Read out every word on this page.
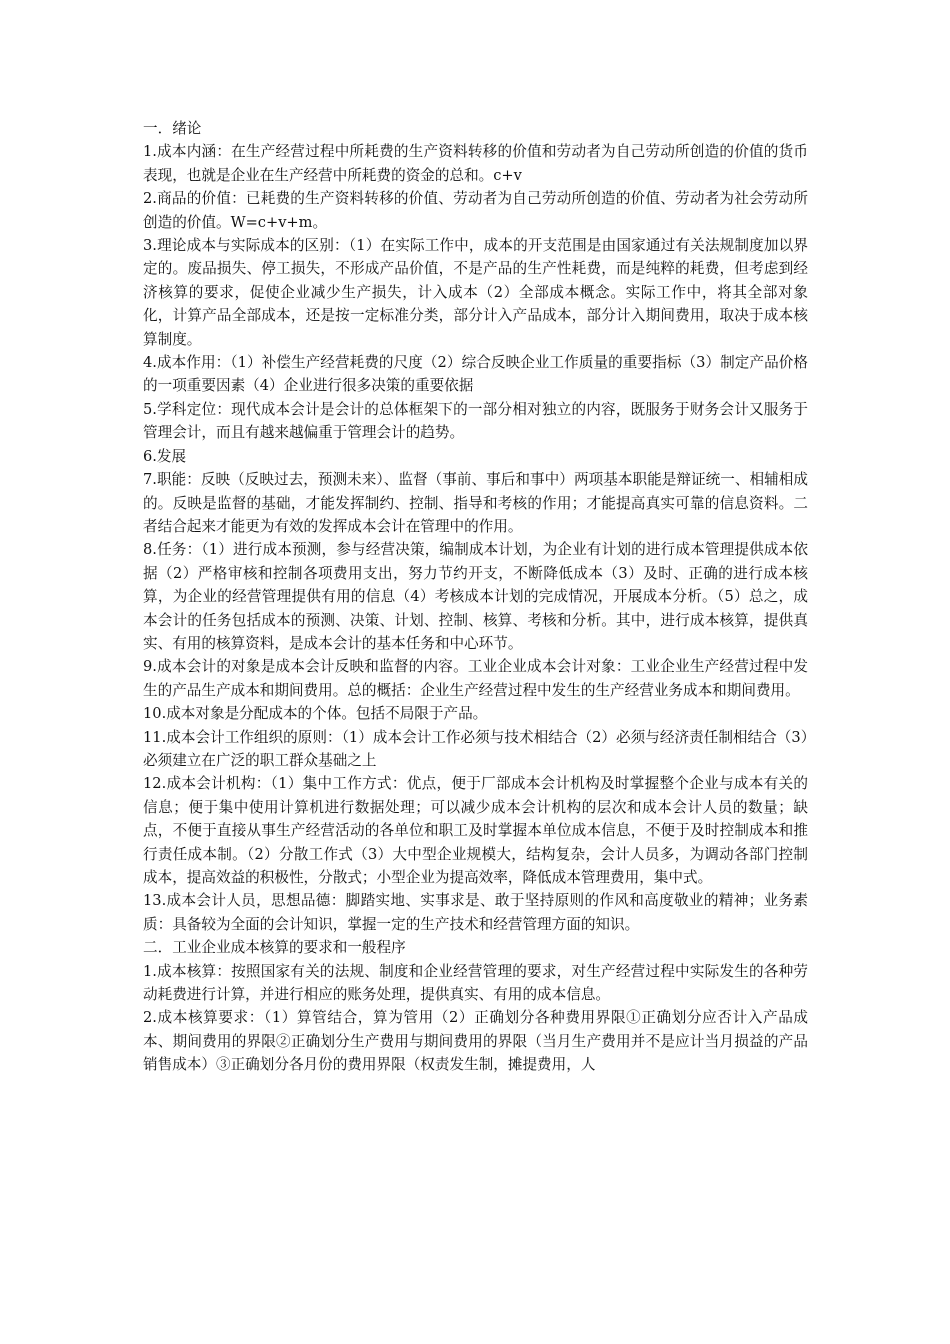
一．绪论

1.成本内涵：在生产经营过程中所耗费的生产资料转移的价值和劳动者为自己劳动所创造的价值的货币表现，也就是企业在生产经营中所耗费的资金的总和。c+v

2.商品的价值：已耗费的生产资料转移的价值、劳动者为自己劳动所创造的价值、劳动者为社会劳动所创造的价值。W=c+v+m。

3.理论成本与实际成本的区别：（1）在实际工作中，成本的开支范围是由国家通过有关法规制度加以界定的。废品损失、停工损失，不形成产品价值，不是产品的生产性耗费，而是纯粹的耗费，但考虑到经济核算的要求，促使企业减少生产损失，计入成本（2）全部成本概念。实际工作中，将其全部对象化，计算产品全部成本，还是按一定标准分类，部分计入产品成本，部分计入期间费用，取决于成本核算制度。

4.成本作用：（1）补偿生产经营耗费的尺度（2）综合反映企业工作质量的重要指标（3）制定产品价格的一项重要因素（4）企业进行很多决策的重要依据

5.学科定位：现代成本会计是会计的总体框架下的一部分相对独立的内容，既服务于财务会计又服务于管理会计，而且有越来越偏重于管理会计的趋势。

6.发展

7.职能：反映（反映过去，预测未来）、监督（事前、事后和事中）两项基本职能是辩证统一、相辅相成的。反映是监督的基础，才能发挥制约、控制、指导和考核的作用；才能提高真实可靠的信息资料。二者结合起来才能更为有效的发挥成本会计在管理中的作用。

8.任务：（1）进行成本预测，参与经营决策，编制成本计划，为企业有计划的进行成本管理提供成本依据（2）严格审核和控制各项费用支出，努力节约开支，不断降低成本（3）及时、正确的进行成本核算，为企业的经营管理提供有用的信息（4）考核成本计划的完成情况，开展成本分析。（5）总之，成本会计的任务包括成本的预测、决策、计划、控制、核算、考核和分析。其中，进行成本核算，提供真实、有用的核算资料，是成本会计的基本任务和中心环节。

9.成本会计的对象是成本会计反映和监督的内容。工业企业成本会计对象：工业企业生产经营过程中发生的产品生产成本和期间费用。总的概括：企业生产经营过程中发生的生产经营业务成本和期间费用。

10.成本对象是分配成本的个体。包括不局限于产品。

11.成本会计工作组织的原则：（1）成本会计工作必须与技术相结合（2）必须与经济责任制相结合（3）必须建立在广泛的职工群众基础之上

12.成本会计机构：（1）集中工作方式：优点，便于厂部成本会计机构及时掌握整个企业与成本有关的信息；便于集中使用计算机进行数据处理；可以减少成本会计机构的层次和成本会计人员的数量；缺点，不便于直接从事生产经营活动的各单位和职工及时掌握本单位成本信息，不便于及时控制成本和推行责任成本制。（2）分散工作式（3）大中型企业规模大，结构复杂，会计人员多，为调动各部门控制成本，提高效益的积极性，分散式；小型企业为提高效率，降低成本管理费用，集中式。

13.成本会计人员，思想品德：脚踏实地、实事求是、敢于坚持原则的作风和高度敬业的精神；业务素质：具备较为全面的会计知识，掌握一定的生产技术和经营管理方面的知识。

二．工业企业成本核算的要求和一般程序

1.成本核算：按照国家有关的法规、制度和企业经营管理的要求，对生产经营过程中实际发生的各种劳动耗费进行计算，并进行相应的账务处理，提供真实、有用的成本信息。

2.成本核算要求：（1）算管结合，算为管用（2）正确划分各种费用界限①正确划分应否计入产品成本、期间费用的界限②正确划分生产费用与期间费用的界限（当月生产费用并不是应计当月损益的产品销售成本）③正确划分各月份的费用界限（权责发生制，摊提费用，人
